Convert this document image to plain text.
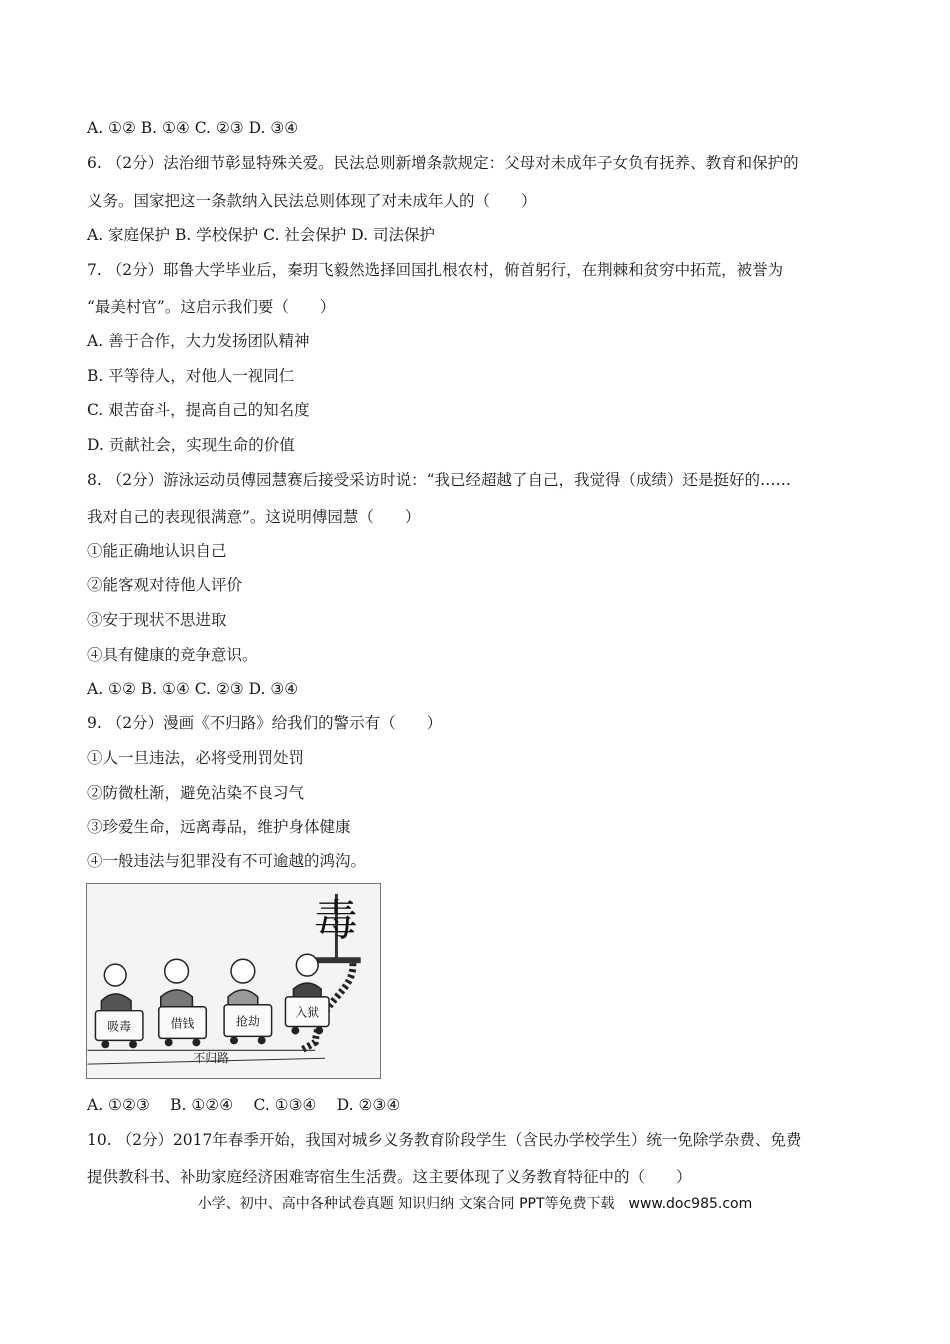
A. ①② B. ①④ C. ②③ D. ③④
6. （2分）法治细节彰显特殊关爱。民法总则新增条款规定：父母对未成年子女负有抚养、教育和保护的
义务。国家把这一条款纳入民法总则体现了对未成年人的（　　）
A. 家庭保护 B. 学校保护 C. 社会保护 D. 司法保护
7. （2分）耶鲁大学毕业后，秦玥飞毅然选择回国扎根农村，俯首躬行，在荆棘和贫穷中拓荒，被誉为
“最美村官”。这启示我们要（　　）
A. 善于合作，大力发扬团队精神
B. 平等待人，对他人一视同仁
C. 艰苦奋斗，提高自己的知名度
D. 贡献社会，实现生命的价值
8. （2分）游泳运动员傅园慧赛后接受采访时说：“我已经超越了自己，我觉得（成绩）还是挺好的……
我对自己的表现很满意”。这说明傅园慧（　　）
①能正确地认识自己
②能客观对待他人评价
③安于现状不思进取
④具有健康的竞争意识。
A. ①② B. ①④ C. ②③ D. ③④
9. （2分）漫画《不归路》给我们的警示有（　　）
①人一旦违法，必将受刑罚处罚
②防微杜渐，避免沾染不良习气
③珍爱生命，远离毒品，维护身体健康
④一般违法与犯罪没有不可逾越的鸿沟。
毒
吸毒	借钱	抢劫
入狱
不归路
A. ①②③　 B. ①②④　 C. ①③④　 D. ②③④
10. （2分）2017年春季开始，我国对城乡义务教育阶段学生（含民办学校学生）统一免除学杂费、免费
提供教科书、补助家庭经济困难寄宿生生活费。这主要体现了义务教育特征中的（　　）
小学、初中、高中各种试卷真题 知识归纳 文案合同 PPT等免费下载　www.doc985.com
